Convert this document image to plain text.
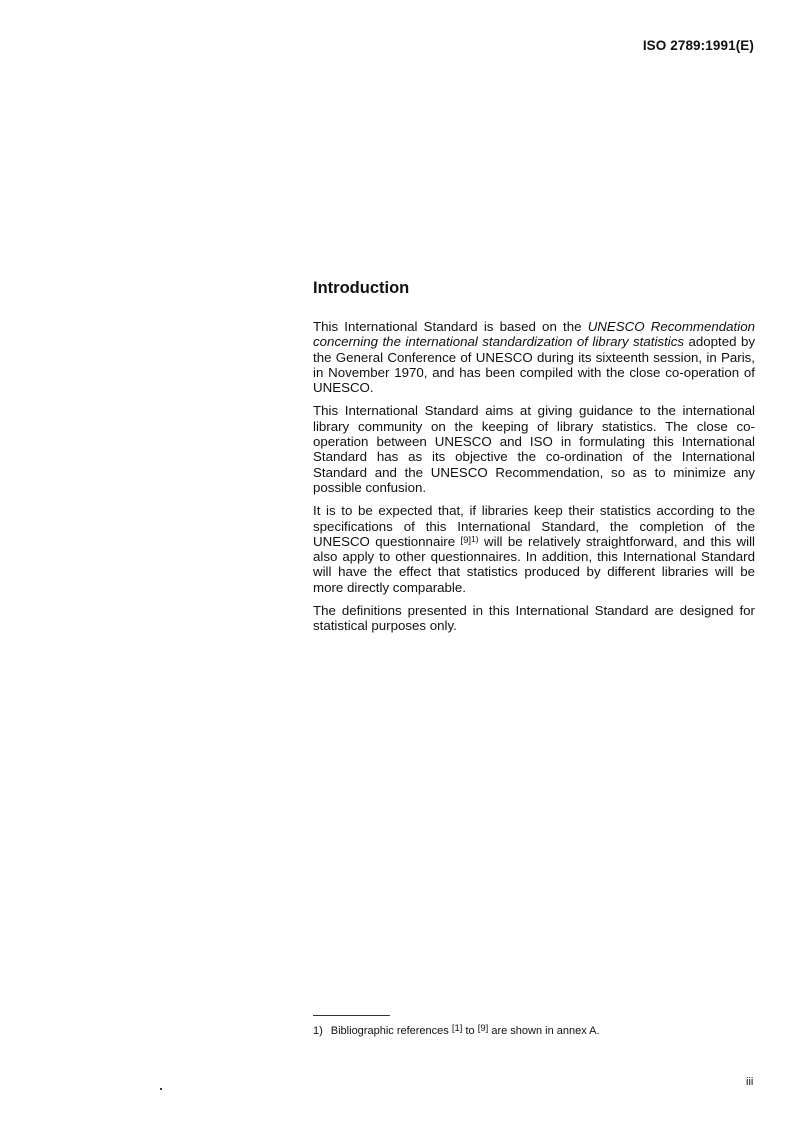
ISO 2789:1991(E)
Introduction

This International Standard is based on the UNESCO Recommendation concerning the international standardization of library statistics adopted by the General Conference of UNESCO during its sixteenth session, in Paris, in November 1970, and has been compiled with the close co-operation of UNESCO.

This International Standard aims at giving guidance to the international library community on the keeping of library statistics. The close co-operation between UNESCO and ISO in formulating this International Standard has as its objective the co-ordination of the International Standard and the UNESCO Recommendation, so as to minimize any possible confusion.

It is to be expected that, if libraries keep their statistics according to the specifications of this International Standard, the completion of the UNESCO questionnaire $^{[9]1)}$ will be relatively straightforward, and this will also apply to other questionnaires. In addition, this International Standard will have the effect that statistics produced by different libraries will be more directly comparable.

The definitions presented in this International Standard are designed for statistical purposes only.

1) Bibliographic references [1] to [9] are shown in annex A.
iii
